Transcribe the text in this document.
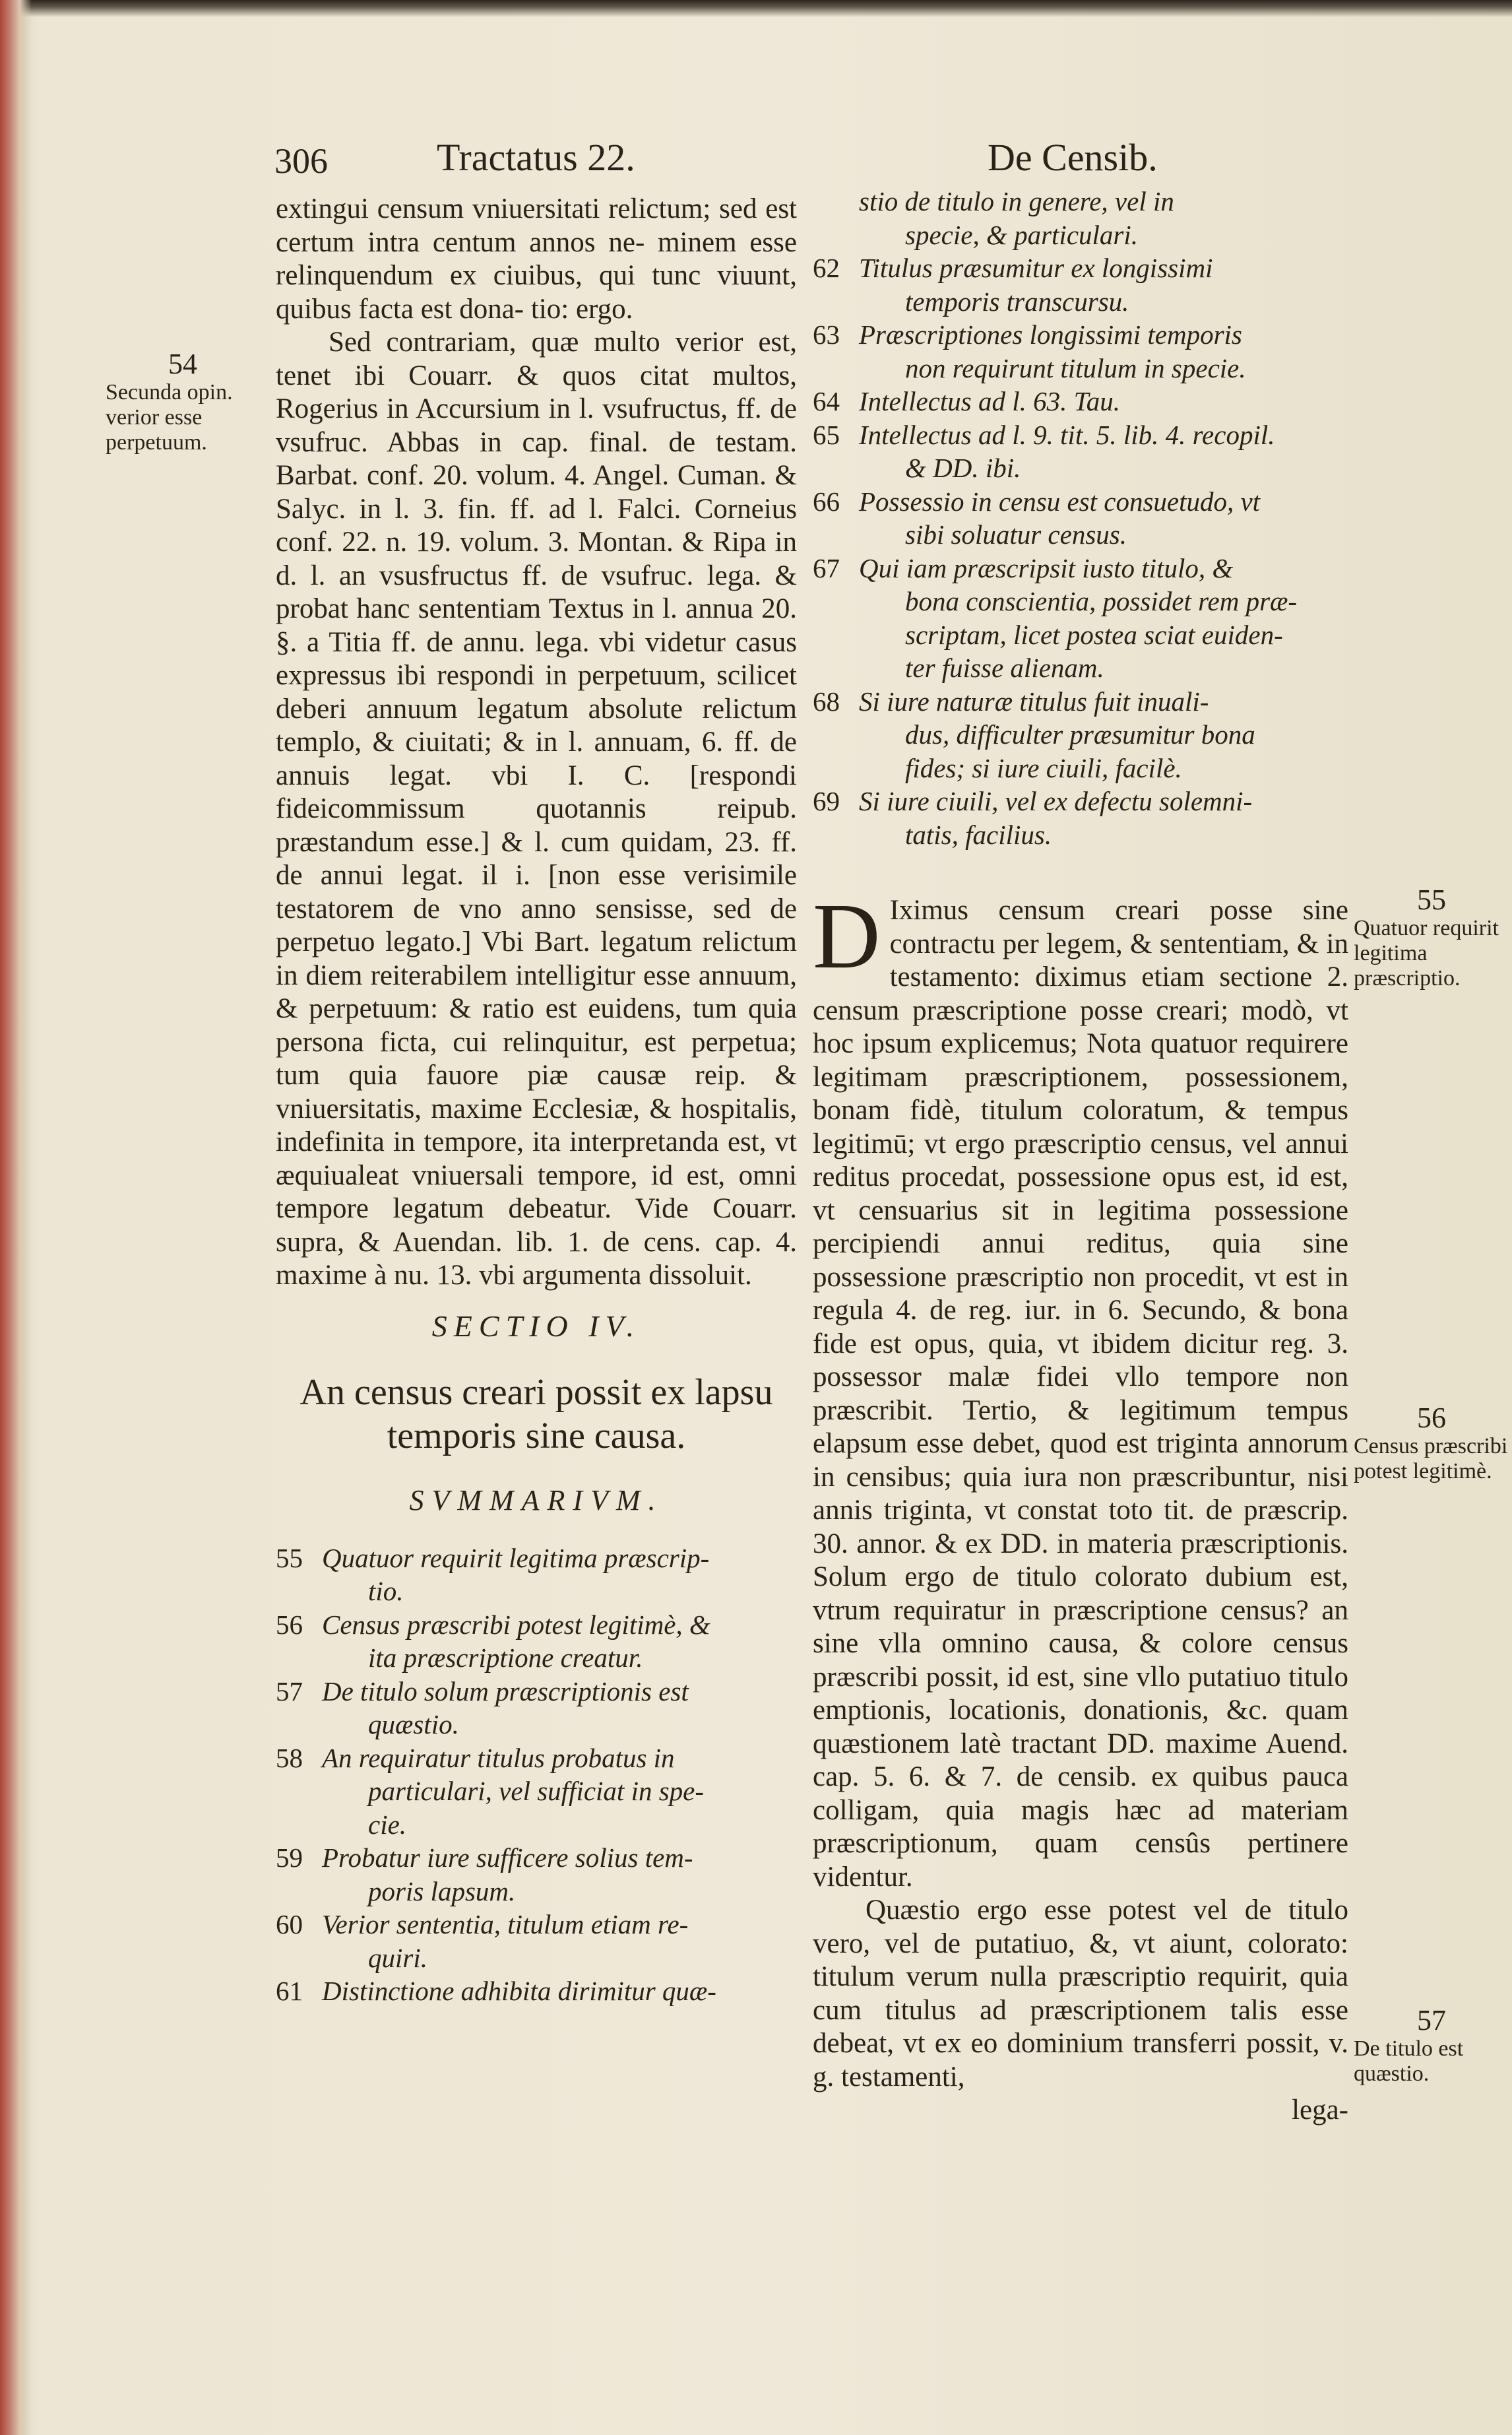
306	Tractatus 22.	De Censib.
extingui censum vniuersitati relictum; sed est certum intra centum annos ne- minem esse relinquendum ex ciuibus, qui tunc viuunt, quibus facta est dona- tio: ergo.
Sed contrariam, quæ multo verior est, tenet ibi Couarr. & quos citat multos, Rogerius in Accursium in l. vsufructus, ff. de vsufruc. Abbas in cap. final. de testam. Barbat. conf. 20. volum. 4. Angel. Cuman. & Salyc. in l. 3. fin. ff. ad l. Falci. Corneius conf. 22. n. 19. volum. 3. Montan. & Ripa in d. l. an vsusfructus ff. de vsufruc. lega. & probat hanc sententiam Textus in l. annua 20. §. a Titia ff. de annu. lega. vbi videtur casus expressus ibi respondi in perpetuum, scilicet deberi annuum legatum absolute relictum templo, & ciuitati; & in l. annuam, 6. ff. de annuis legat. vbi I. C. [respondi fideicommissum quotannis reipub. præstandum esse.] & l. cum quidam, 23. ff. de annui legat. il i. [non esse verisimile testatorem de vno anno sensisse, sed de perpetuo legato.] Vbi Bart. legatum relictum in diem reiterabilem intelligitur esse annuum, & perpetuum: & ratio est euidens, tum quia persona ficta, cui relinquitur, est perpetua; tum quia fauore piæ causæ reip. & vniuersitatis, maxime Ecclesiæ, & hospitalis, indefinita in tempore, ita interpretanda est, vt æquiualeat vniuersali tempore, id est, omni tempore legatum debeatur. Vide Couarr. supra, & Auendan. lib. 1. de cens. cap. 4. maxime à nu. 13. vbi argumenta dissoluit.
SECTIO IV.
An census creari possit ex lapsu temporis sine causa.
SVMMARIVM.
55 Quatuor requirit legitima præscrip-
tio.
56 Census præscribi potest legitimè, &
ita præscriptione creatur.
57 De titulo solum præscriptionis est
quæstio.
58 An requiratur titulus probatus in
particulari, vel sufficiat in spe-
cie.
59 Probatur iure sufficere solius tem-
poris lapsum.
60 Verior sententia, titulum etiam re-
quiri.
61 Distinctione adhibita dirimitur quæ-
stio de titulo in genere, vel in
specie, & particulari.
62 Titulus præsumitur ex longissimi
temporis transcursu.
63 Præscriptiones longissimi temporis
non requirunt titulum in specie.
64 Intellectus ad l. 63. Tau.
65 Intellectus ad l. 9. tit. 5. lib. 4. recopil.
& DD. ibi.
66 Possessio in censu est consuetudo, vt
sibi soluatur census.
67 Qui iam præscripsit iusto titulo, &
bona conscientia, possidet rem præ-
scriptam, licet postea sciat euiden-
ter fuisse alienam.
68 Si iure naturæ titulus fuit inuali-
dus, difficulter præsumitur bona
fides; si iure ciuili, facilè.
69 Si iure ciuili, vel ex defectu solemni-
tatis, facilius.
D Iximus censum creari posse sine contractu per legem, & sententiam, & in testamento: diximus etiam sectione 2. censum præscriptione posse creari; modò, vt hoc ipsum explicemus; Nota quatuor requirere legitimam præscriptionem, possessionem, bonam fidè, titulum coloratum, & tempus legitimū; vt ergo præscriptio census, vel annui reditus procedat, possessione opus est, id est, vt censuarius sit in legitima possessione percipiendi annui reditus, quia sine possessione præscriptio non procedit, vt est in regula 4. de reg. iur. in 6. Secundo, & bona fide est opus, quia, vt ibidem dicitur reg. 3. possessor malæ fidei vllo tempore non præscribit. Tertio, & legitimum tempus elapsum esse debet, quod est triginta annorum in censibus; quia iura non præscribuntur, nisi annis triginta, vt constat toto tit. de præscrip. 30. annor. & ex DD. in materia præscriptionis. Solum ergo de titulo colorato dubium est, vtrum requiratur in præscriptione census? an sine vlla omnino causa, & colore census præscribi possit, id est, sine vllo putatiuo titulo emptionis, locationis, donationis, &c. quam quæstionem latè tractant DD. maxime Auend. cap. 5. 6. & 7. de censib. ex quibus pauca colligam, quia magis hæc ad materiam præscriptionum, quam censûs pertinere videntur.
Quæstio ergo esse potest vel de titulo vero, vel de putatiuo, &, vt aiunt, colorato: titulum verum nulla præscriptio requirit, quia cum titulus ad præscriptionem talis esse debeat, vt ex eo dominium transferri possit, v. g. testamenti,
lega-
54
Secunda opin. verior esse perpetuum.
55
Quatuor requirit legitima præscriptio.
56
Census præscribi potest legitimè.
57
De titulo est quæstio.
